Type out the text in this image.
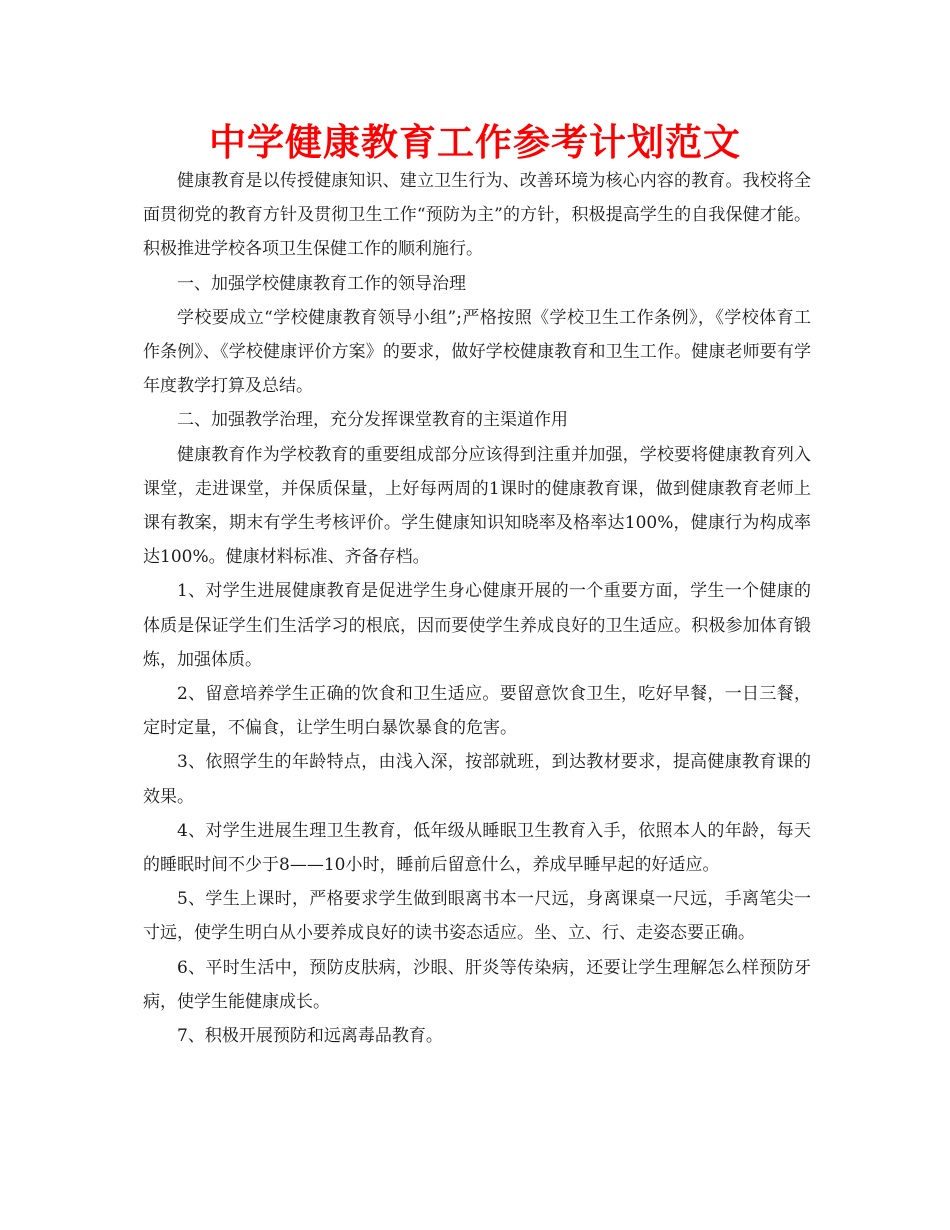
中学健康教育工作参考计划范文

健康教育是以传授健康知识、建立卫生行为、改善环境为核心内容的教育。我校将全面贯彻党的教育方针及贯彻卫生工作“预防为主”的方针，积极提高学生的自我保健才能。积极推进学校各项卫生保健工作的顺利施行。

一、加强学校健康教育工作的领导治理

学校要成立“学校健康教育领导小组”;严格按照《学校卫生工作条例》，《学校体育工作条例》、《学校健康评价方案》的要求，做好学校健康教育和卫生工作。健康老师要有学年度教学打算及总结。

二、加强教学治理，充分发挥课堂教育的主渠道作用

健康教育作为学校教育的重要组成部分应该得到注重并加强，学校要将健康教育列入课堂，走进课堂，并保质保量，上好每两周的1课时的健康教育课，做到健康教育老师上课有教案，期末有学生考核评价。学生健康知识知晓率及格率达100%，健康行为构成率达100%。健康材料标准、齐备存档。

1、对学生进展健康教育是促进学生身心健康开展的一个重要方面，学生一个健康的体质是保证学生们生活学习的根底，因而要使学生养成良好的卫生适应。积极参加体育锻炼，加强体质。

2、留意培养学生正确的饮食和卫生适应。要留意饮食卫生，吃好早餐，一日三餐，定时定量，不偏食，让学生明白暴饮暴食的危害。

3、依照学生的年龄特点，由浅入深，按部就班，到达教材要求，提高健康教育课的效果。

4、对学生进展生理卫生教育，低年级从睡眠卫生教育入手，依照本人的年龄，每天的睡眠时间不少于8——10小时，睡前后留意什么，养成早睡早起的好适应。

5、学生上课时，严格要求学生做到眼离书本一尺远，身离课桌一尺远，手离笔尖一寸远，使学生明白从小要养成良好的读书姿态适应。坐、立、行、走姿态要正确。

6、平时生活中，预防皮肤病，沙眼、肝炎等传染病，还要让学生理解怎么样预防牙病，使学生能健康成长。

7、积极开展预防和远离毒品教育。
